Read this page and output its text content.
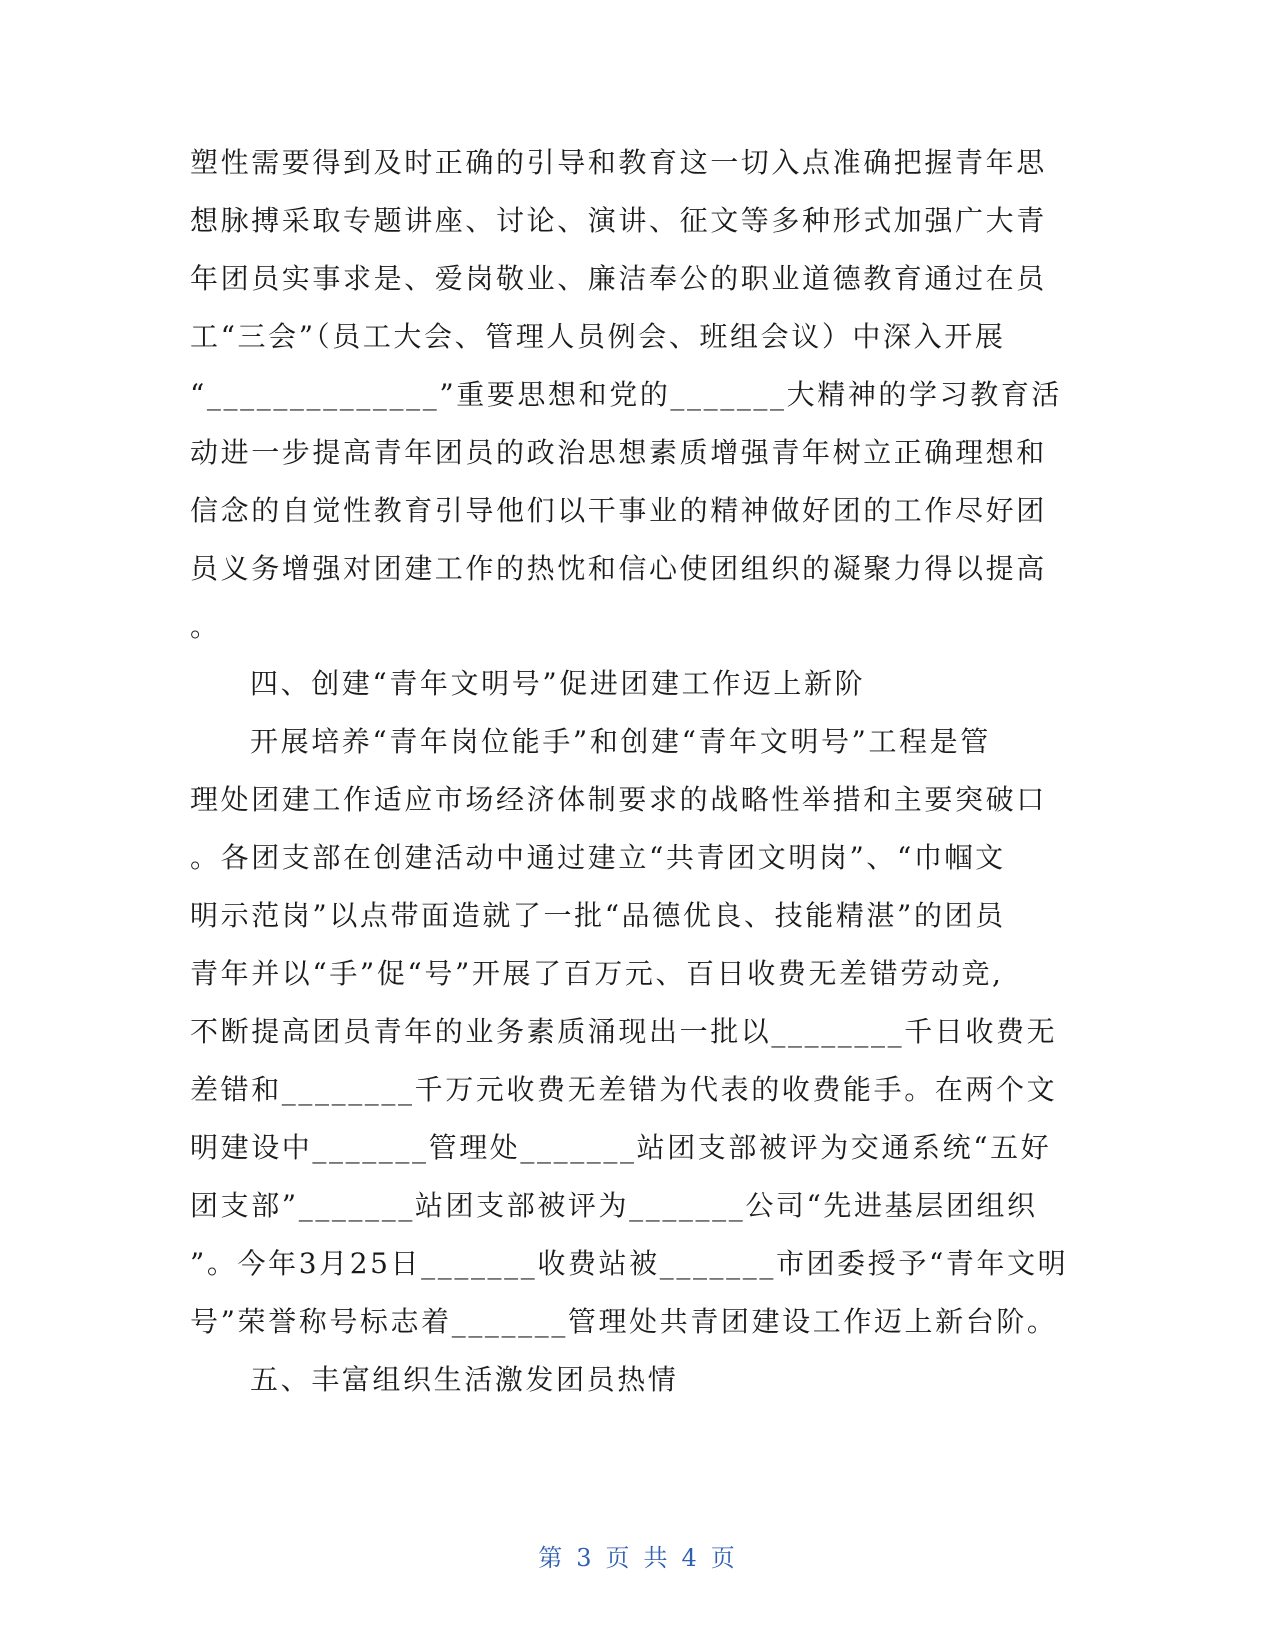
塑性需要得到及时正确的引导和教育这一切入点准确把握青年思
想脉搏采取专题讲座、讨论、演讲、征文等多种形式加强广大青
年团员实事求是、爱岗敬业、廉洁奉公的职业道德教育通过在员
工“三会”（员工大会、管理人员例会、班组会议）中深入开展
“______________”重要思想和党的_______大精神的学习教育活
动进一步提高青年团员的政治思想素质增强青年树立正确理想和
信念的自觉性教育引导他们以干事业的精神做好团的工作尽好团
员义务增强对团建工作的热忱和信心使团组织的凝聚力得以提高
。
四、创建“青年文明号”促进团建工作迈上新阶
开展培养“青年岗位能手”和创建“青年文明号”工程是管
理处团建工作适应市场经济体制要求的战略性举措和主要突破口
。各团支部在创建活动中通过建立“共青团文明岗”、“巾帼文
明示范岗”以点带面造就了一批“品德优良、技能精湛”的团员
青年并以“手”促“号”开展了百万元、百日收费无差错劳动竞,
不断提高团员青年的业务素质涌现出一批以________千日收费无
差错和________千万元收费无差错为代表的收费能手。在两个文
明建设中_______管理处_______站团支部被评为交通系统“五好
团支部”_______站团支部被评为_______公司“先进基层团组织
”。今年3月25日_______收费站被_______市团委授予“青年文明
号”荣誉称号标志着_______管理处共青团建设工作迈上新台阶。
五、丰富组织生活激发团员热情
第 3 页 共 4 页
